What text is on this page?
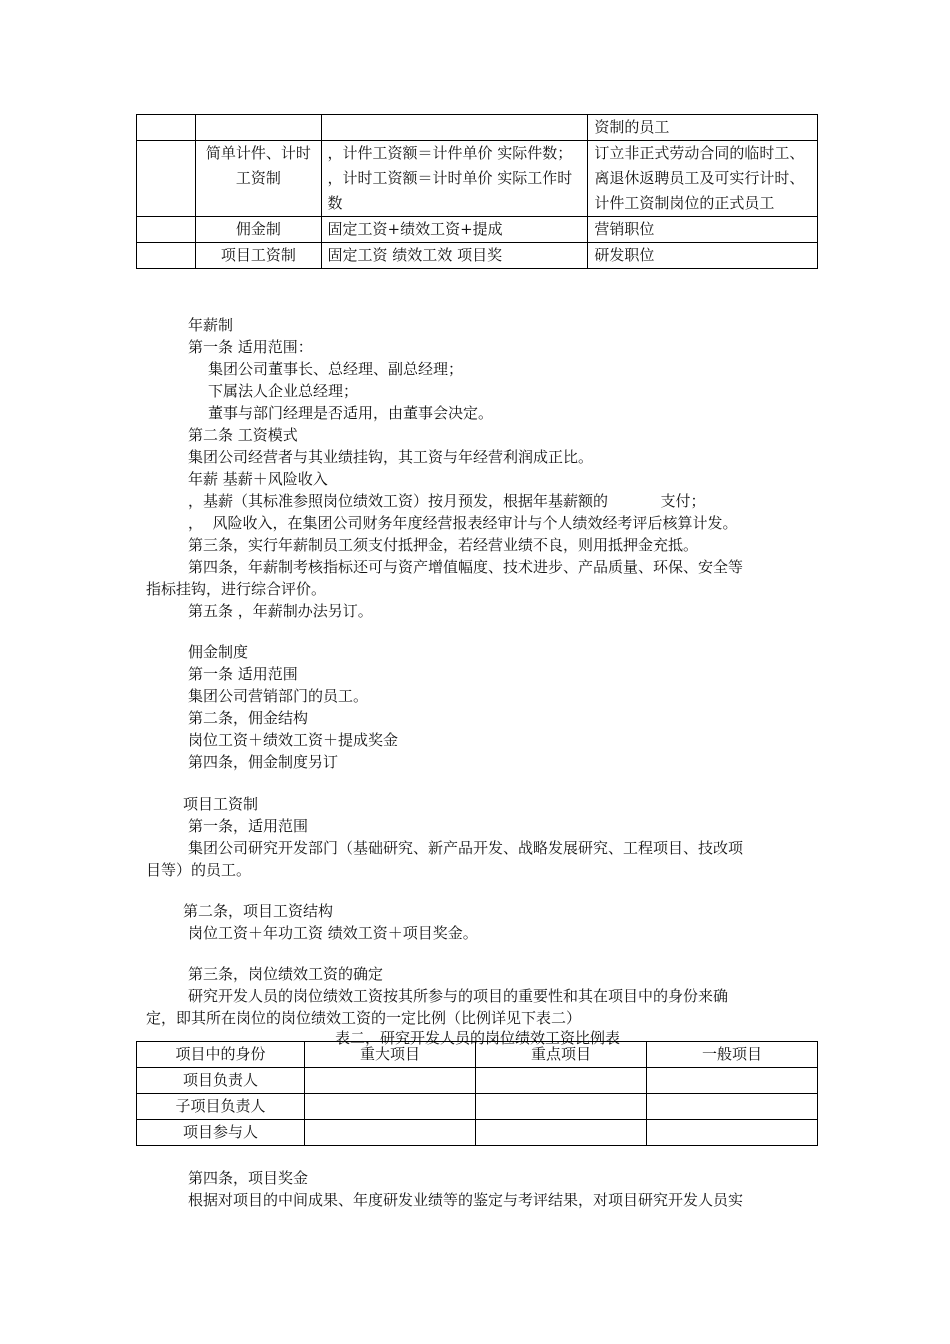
			资制的员工
	简单计件、计时工资制	，计件工资额＝计件单价 实际件数；
，计时工资额＝计时单价 实际工作时数	订立非正式劳动合同的临时工、离退休返聘员工及可实行计时、计件工资制岗位的正式员工
	佣金制	固定工资+绩效工资+提成	营销职位
	项目工资制	固定工资 绩效工效 项目奖	研发职位
年薪制
第一条 适用范围：
集团公司董事长、总经理、副总经理；
下属法人企业总经理；
董事与部门经理是否适用，由董事会决定。
第二条 工资模式
集团公司经营者与其业绩挂钩，其工资与年经营利润成正比。
年薪 基薪＋风险收入
，基薪（其标准参照岗位绩效工资）按月预发，根据年基薪额的           支付；
，  风险收入，在集团公司财务年度经营报表经审计与个人绩效经考评后核算计发。
第三条，实行年薪制员工须支付抵押金，若经营业绩不良，则用抵押金充抵。
第四条，年薪制考核指标还可与资产增值幅度、技术进步、产品质量、环保、安全等
指标挂钩，进行综合评价。
第五条 ，年薪制办法另订。
佣金制度
第一条 适用范围
集团公司营销部门的员工。
第二条，佣金结构
岗位工资＋绩效工资＋提成奖金
第四条，佣金制度另订
项目工资制
第一条，适用范围
集团公司研究开发部门（基础研究、新产品开发、战略发展研究、工程项目、技改项
目等）的员工。
第二条，项目工资结构
岗位工资＋年功工资 绩效工资＋项目奖金。
第三条，岗位绩效工资的确定
研究开发人员的岗位绩效工资按其所参与的项目的重要性和其在项目中的身份来确
定，即其所在岗位的岗位绩效工资的一定比例（比例详见下表二）
表二，研究开发人员的岗位绩效工资比例表
项目中的身份	重大项目	重点项目	一般项目
项目负责人			
子项目负责人			
项目参与人			
第四条，项目奖金
根据对项目的中间成果、年度研发业绩等的鉴定与考评结果，对项目研究开发人员实
